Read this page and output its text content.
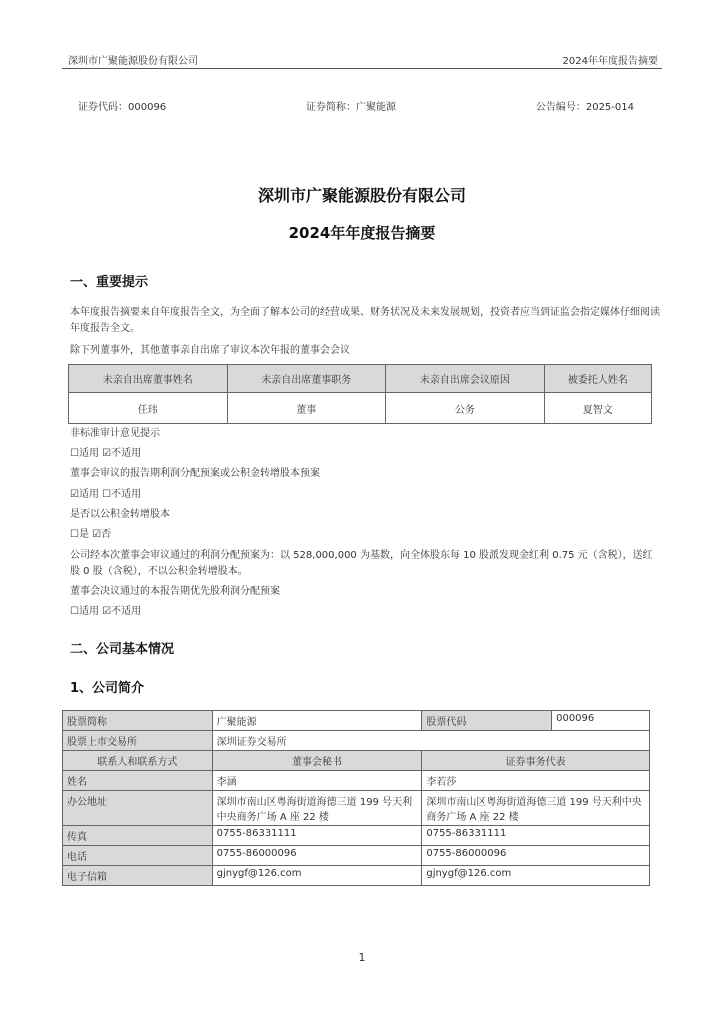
深圳市广聚能源股份有限公司	2024年年度报告摘要
证券代码：000096	证券简称：广聚能源	公告编号：2025-014
深圳市广聚能源股份有限公司
2024年年度报告摘要
一、重要提示
本年度报告摘要来自年度报告全文，为全面了解本公司的经营成果、财务状况及未来发展规划，投资者应当到证监会指定媒体仔细阅读年度报告全文。
除下列董事外，其他董事亲自出席了审议本次年报的董事会会议
未亲自出席董事姓名	未亲自出席董事职务	未亲自出席会议原因	被委托人姓名
任玮	董事	公务	夏智文
非标准审计意见提示
☐适用 ☑不适用
董事会审议的报告期利润分配预案或公积金转增股本预案
☑适用 ☐不适用
是否以公积金转增股本
☐是 ☑否
公司经本次董事会审议通过的利润分配预案为：以 528,000,000 为基数，向全体股东每 10 股派发现金红利 0.75 元（含税），送红股 0 股（含税），不以公积金转增股本。
董事会决议通过的本报告期优先股利润分配预案
☐适用 ☑不适用
二、公司基本情况
1、公司简介
股票简称	广聚能源	股票代码	000096
股票上市交易所	深圳证券交易所		
联系人和联系方式	董事会秘书	证券事务代表	
姓名	李涵	李若莎	
办公地址	深圳市南山区粤海街道海德三道 199 号天利中央商务广场 A 座 22 楼	深圳市南山区粤海街道海德三道 199 号天利中央商务广场 A 座 22 楼	
传真	0755-86331111	0755-86331111	
电话	0755-86000096	0755-86000096	
电子信箱	gjnygf@126.com	gjnygf@126.com	
1
